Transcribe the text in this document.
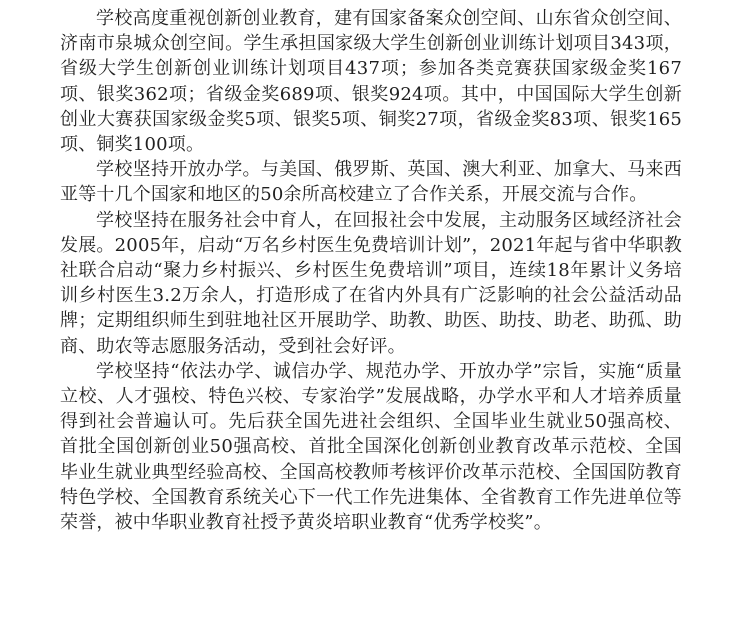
学校高度重视创新创业教育，建有国家备案众创空间、山东省众创空间、济南市泉城众创空间。学生承担国家级大学生创新创业训练计划项目343项，省级大学生创新创业训练计划项目437项；参加各类竞赛获国家级金奖167项、银奖362项；省级金奖689项、银奖924项。其中，中国国际大学生创新创业大赛获国家级金奖5项、银奖5项、铜奖27项，省级金奖83项、银奖165项、铜奖100项。

学校坚持开放办学。与美国、俄罗斯、英国、澳大利亚、加拿大、马来西亚等十几个国家和地区的50余所高校建立了合作关系，开展交流与合作。

学校坚持在服务社会中育人，在回报社会中发展，主动服务区域经济社会发展。2005年，启动“万名乡村医生免费培训计划”，2021年起与省中华职教社联合启动“聚力乡村振兴、乡村医生免费培训”项目，连续18年累计义务培训乡村医生3.2万余人，打造形成了在省内外具有广泛影响的社会公益活动品牌；定期组织师生到驻地社区开展助学、助教、助医、助技、助老、助孤、助商、助农等志愿服务活动，受到社会好评。

学校坚持“依法办学、诚信办学、规范办学、开放办学”宗旨，实施“质量立校、人才强校、特色兴校、专家治学”发展战略，办学水平和人才培养质量得到社会普遍认可。先后获全国先进社会组织、全国毕业生就业50强高校、首批全国创新创业50强高校、首批全国深化创新创业教育改革示范校、全国毕业生就业典型经验高校、全国高校教师考核评价改革示范校、全国国防教育特色学校、全国教育系统关心下一代工作先进集体、全省教育工作先进单位等荣誉，被中华职业教育社授予黄炎培职业教育“优秀学校奖”。
